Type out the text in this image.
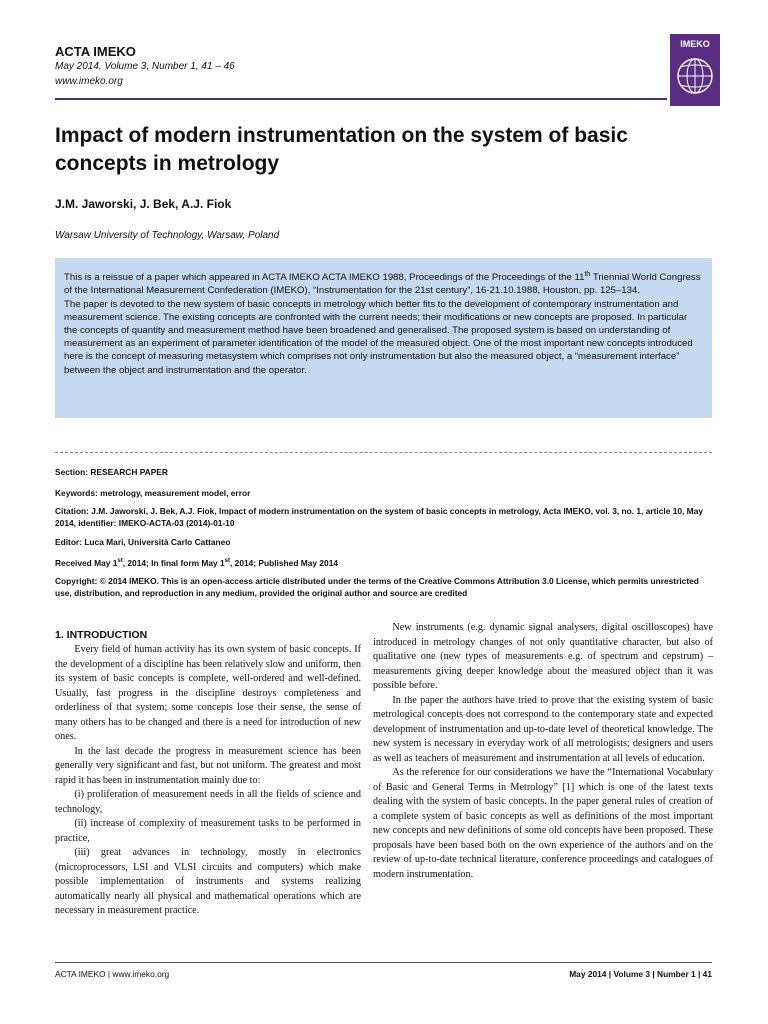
ACTA IMEKO
May 2014, Volume 3, Number 1, 41 – 46
www.imeko.org
IMEKO
Impact of modern instrumentation on the system of basic concepts in metrology
J.M. Jaworski, J. Bek, A.J. Fiok
Warsaw University of Technology, Warsaw, Poland

This is a reissue of a paper which appeared in ACTA IMEKO ACTA IMEKO 1988, Proceedings of the Proceedings of the 11th Triennial World Congress of the International Measurement Confederation (IMEKO), “Instrumentation for the 21st century”, 16-21.10.1988, Houston, pp. 125–134.

The paper is devoted to the new system of basic concepts in metrology which better fits to the development of contemporary instrumentation and measurement science. The existing concepts are confronted with the current needs; their modifications or new concepts are proposed. In particular the concepts of quantity and measurement method have been broadened and generalised. The proposed system is based on understanding of measurement as an experiment of parameter identification of the model of the measured object. One of the most important new concepts introduced here is the concept of measuring metasystem which comprises not only instrumentation but also the measured object, a “measurement interface” between the object and instrumentation and the operator.

Section: RESEARCH PAPER
Keywords: metrology, measurement model, error
Citation: J.M. Jaworski, J. Bek, A.J. Fiok, Impact of modern instrumentation on the system of basic concepts in metrology, Acta IMEKO, vol. 3, no. 1, article 10, May 2014, identifier: IMEKO-ACTA-03 (2014)-01-10
Editor: Luca Mari, Università Carlo Cattaneo
Received May 1st, 2014; In final form May 1st, 2014; Published May 2014
Copyright: © 2014 IMEKO. This is an open-access article distributed under the terms of the Creative Commons Attribution 3.0 License, which permits unrestricted use, distribution, and reproduction in any medium, provided the original author and source are credited
1. INTRODUCTION

Every field of human activity has its own system of basic concepts. If the development of a discipline has been relatively slow and uniform, then its system of basic concepts is complete, well-ordered and well-defined. Usually, fast progress in the discipline destroys completeness and orderliness of that system; some concepts lose their sense, the sense of many others has to be changed and there is a need for introduction of new ones.

In the last decade the progress in measurement science has been generally very significant and fast, but not uniform. The greatest and most rapid it has been in instrumentation mainly due to:

(i) proliferation of measurement needs in all the fields of science and technology,

(ii) increase of complexity of measurement tasks to be performed in practice,

(iii) great advances in technology, mostly in electronics (microprocessors, LSI and VLSI circuits and computers) which make possible implementation of instruments and systems realizing automatically nearly all physical and mathematical operations which are necessary in measurement practice.

New instruments (e.g. dynamic signal analysers, digital oscilloscopes) have introduced in metrology changes of not only quantitative character, but also of qualitative one (new types of measurements e.g. of spectrum and cepstrum) – measurements giving deeper knowledge about the measured object than it was possible before.

In the paper the authors have tried to prove that the existing system of basic metrological concepts does not correspond to the contemporary state and expected development of instrumentation and up-to-date level of theoretical knowledge. The new system is necessary in everyday work of all metrologists; designers and users as well as teachers of measurement and instrumentation at all levels of education.

As the reference for our considerations we have the “International Vocabulary of Basic and General Terms in Metrology” [1] which is one of the latest texts dealing with the system of basic concepts. In the paper general rules of creation of a complete system of basic concepts as well as definitions of the most important new concepts and new definitions of some old concepts have been proposed. These proposals have been based both on the own experience of the authors and on the review of up-to-date technical literature, conference proceedings and catalogues of modern instrumentation.

ACTA IMEKO | www.imeko.org	May 2014 | Volume 3 | Number 1 | 41
